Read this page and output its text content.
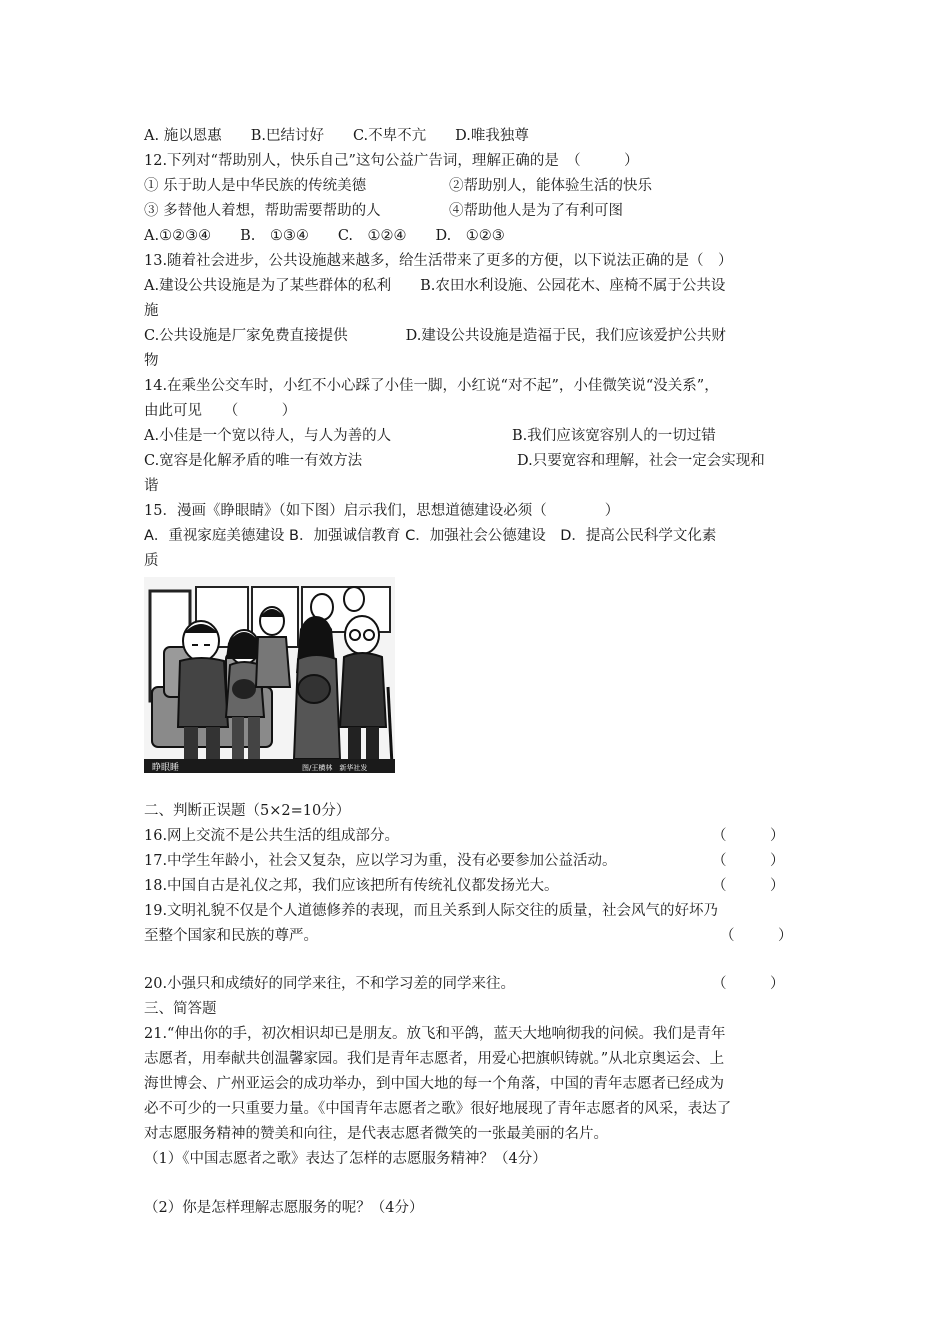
A. 施以恩惠　　B.巴结讨好　　C.不卑不亢　　D.唯我独尊
12.下列对“帮助别人，快乐自己”这句公益广告词，理解正确的是　（　　　）
① 乐于助人是中华民族的传统美德	②帮助别人，能体验生活的快乐
③ 多替他人着想，帮助需要帮助的人	④帮助他人是为了有利可图
A.①②③④　　B.　①③④　　C.　①②④　　D.　①②③
13.随着社会进步，公共设施越来越多，给生活带来了更多的方便，以下说法正确的是（　）
A.建设公共设施是为了某些群体的私利　　B.农田水利设施、公园花木、座椅不属于公共设
施
C.公共设施是厂家免费直接提供　　　　D.建设公共设施是造福于民，我们应该爱护公共财
物
14.在乘坐公交车时，小红不小心踩了小佳一脚，小红说“对不起”，小佳微笑说“没关系”，
由此可见　　（　　　）
A.小佳是一个宽以待人，与人为善的人	B.我们应该宽容别人的一切过错
C.宽容是化解矛盾的唯一有效方法	D.只要宽容和理解，社会一定会实现和
谐
15．漫画《睁眼睛》（如下图）启示我们，思想道德建设必须（　　　　）
A．重视家庭美德建设 B．加强诚信教育 C．加强社会公德建设　D．提高公民科学文化素
质
睁眼睡	图/王横林　新华社发
二、判断正误题（5×2=10分）
16.网上交流不是公共生活的组成部分。	（　　　）
17.中学生年龄小，社会又复杂，应以学习为重，没有必要参加公益活动。	（　　　）
18.中国自古是礼仪之邦，我们应该把所有传统礼仪都发扬光大。	（　　　）
19.文明礼貌不仅是个人道德修养的表现，而且关系到人际交往的质量，社会风气的好坏乃
至整个国家和民族的尊严。	（　　　）
20.小强只和成绩好的同学来往，不和学习差的同学来往。	（　　　）
三、简答题
21.“伸出你的手，初次相识却已是朋友。放飞和平鸽，蓝天大地响彻我的问候。我们是青年
志愿者，用奉献共创温馨家园。我们是青年志愿者，用爱心把旗帜铸就。”从北京奥运会、上
海世博会、广州亚运会的成功举办，到中国大地的每一个角落，中国的青年志愿者已经成为
必不可少的一只重要力量。《中国青年志愿者之歌》很好地展现了青年志愿者的风采，表达了
对志愿服务精神的赞美和向往，是代表志愿者微笑的一张最美丽的名片。
（1）《中国志愿者之歌》表达了怎样的志愿服务精神？（4分）
（2）你是怎样理解志愿服务的呢？（4分）
